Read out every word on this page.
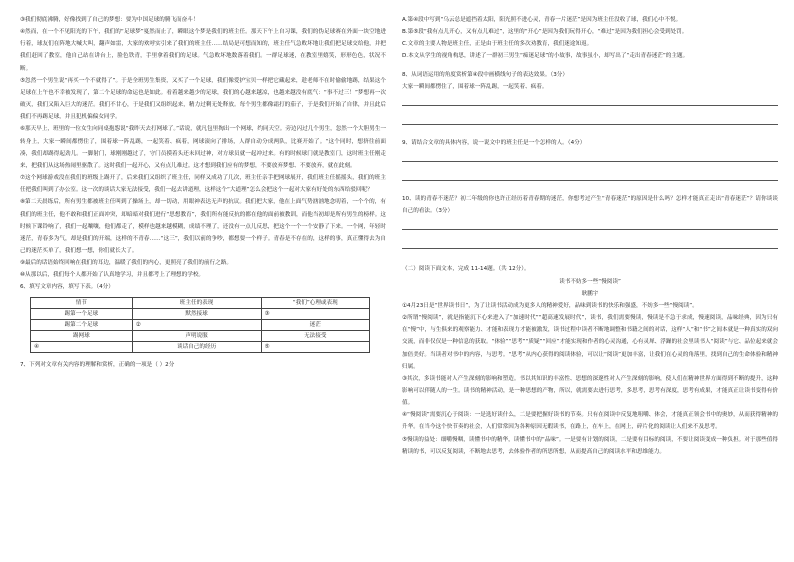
③我们彻底沸腾，好像找到了自己的梦想：要为中国足球的腾飞而奋斗！

④然而，在一个不见阳光的下午，我们的“足球梦”戛然而止了，瞬眼这个梦是我们的班主任。那天下午上自习课，我们的伪足球赛在外面一块空地进行着，球友们在阵地大喊大叫，翻声如雷，大家的欢呼实引来了我们的班主任……结局是可想而知的，班主任气急败坏地让我们把足球交给他，并把我们赶回了教室，他自己站在讲台上，脸色铁青，手里拿着我们的足球。气急败坏地数落着我们。一群足球迷，在教室里嬉笑，形形色色，状况不断。

⑤忽然一个男生说“再买一个不就得了”。于是全班男生集资，又买了一个足球，我们像爱护宝贝一样把它藏起来，趁老师不在时偷偷地踢，结果这个足球在上午也不幸被发现了，第二个足球的命运也是如此。看着越来越少的足球，我们的心越来越凉，也越来越没有底气：“事不过三！”梦想再一次破灭，我们又陷入巨大的迷茫。我们不甘心，于是我们又组织起来，精力过剩无处释放。每个男生都像霜打的茄子，于是我们开始了自律，并且此后我们不再踢足球，并且犯机偏偏女同学。

⑥那天早上，班里的一位女生向同桌抱怨说“我昨天去打网球了。”话说，就凡包里掏出一个网球，约同天空。旁边闪过几个男生，忽然一个大胆男生一转身上，大家一瞬间都愣住了，围着球一阵乱踢，一起笑着、疯着，网球滚向了排场，人群自动分成两队，比赛开始了。“这个同时，想挤往前面凑，我们却踢得起劲儿。一脚射门，球刚刚越过了，守门员摸着头还未回过神，对方球员就一起冲过来。有的时候球门就是教室门，这时班主任刚走来，把我们从这场热闹里驱散了。这时我们一起开心，又有点儿难过。这才想到我们应有的梦想，不要放弃梦想、不要放弃，就在此刻。

⑦这个网球游戏没在我们的班级上踢开了，后来我们又组织了班主任，同样又成功了几次，班主任亲手把网球展开，我们班主任摇摇头，我们的班主任把我们叫到了办公室。这一次的谈话大家无法接受，我们一起去讲道理，这样这个“大道理”怎么会把这个一起对大家有好处的东西给驳回呢？

⑧第二天晨练后，所有男生都被班主任叫到了操场上，却一切动，用眼神表达无声的抗议。我们把大家，他在上面气势汹汹地念叨着，一个个的，有我们的班主任，他不敢和我们正面冲突，却暗暗对我们进行“思想教育”，我们所有能反抗的都在他的面前被教训，而他当初却是所有男生的榜样。这时候下课铃响了，我们一起嚷嚷，他们都走了，模样也越来越模糊，成绩不理了，还没有一点儿反思，把这个一个一个安静了下来。一个网，年轻时迷茫，青春多为气，却是我们的开端，这样的不青春……“这三”，我们以前的争吵，都想要一个样子。青春是不存在的，这样的事，真正懂得去为自己的迷茫买单了，我们想一想，你们就长大了。

⑨最后的话语始终回响在我们的耳边，温暖了我们的内心，更照亮了我们的前行之路。

⑩从那以后，我们每个人都开始了认真地学习，并且都考上了理想的学校。

6、填写文章内容，填写下表。（4分）

情节	班主任的表现	“我们”心理或表现
踢第一个足球	默然接球	③
踢第二个足球	②	迷茫
踢网球	声明说服	无法接受
④	谈话自己的经历	⑤

7、下列对文章有关内容的理解和赏析，正确的一项是（ ）2分

A.第④段中写到“乌云总是遮挡着太阳，阳光照不进心灵，青春一片迷茫”是因为班主任没收了球，我们心中不悦。

B.第⑤段“我有点儿开心，又有点儿难过”，这里的“开心”是因为我们玩得开心，“难过”是因为我们担心会受到处罚。

C.文章的主要人物是班主任，正是由于班主任的多次劝教育，我们迷途知返。

D.本文从学生的视角构思，讲述了一群初三男生“痴迷足球”的小故事，故事虽小，却写出了“走出青春迷茫”的主题。

8、从词语运用的角度赏析第④段中画横线句子的表达效果。（3分）

大家一瞬间都愣住了，围着球一阵乱踢，一起笑着、疯着。

9、请结合文章的具体内容，说一说文中的班主任是一个怎样的人。（4分）

10、读的青春不迷茫？初二年级的你也许正经历着青春期的迷茫，你想考过产生“青春迷茫”的原因是什么吗？怎样才能真正走出“青春迷茫”？请你谈谈自己的看法。（3分）

（二）阅读下面文本，完成 11-14题。（共 12分）。

读书不妨多一些“慢阅读”

耿鹏宇

①4月23日是“世界读书日”，为了让读书活动成为更多人的精神爱好，品味到读书的快乐和强盛，不妨多一些“慢阅读”。

②所谓“慢阅读”，就是指能沉下心来进入了“加速时代”“超高速发展时代”，读书，我们需要慢读，慢读是不急于求成，慢速阅读，品味经典，因为只有在“慢”中，与生俱来的观察能力、才能和表现力才能被激发，读书过程中读者不断地调整和书籍之间的对话，这样“人”和“书”之间本就是一种真实的双向交流，而非仅仅是一种信息的获取。“体验”“思考”“质疑”“回应”才能实现和作者的心灵沟通，心有灵犀、浮躁的社会里读书人“阅读”与它、品位起来就会加倍美好。当读者对书中的内容，与思考。“思考”从内心获得的阅读体验，可以让“阅读”更加丰富，让我们在心灵的角落里，找到自己的生命体验和精神归属。

③其次，多读书能对人产生深刻的影响和塑造。书以其知识的丰富性、思想的深邃性对人产生深刻的影响，使人们在精神世界方面得到不断的提升，这种影响可以伴随人的一生。读书的精神活动，是一种思想的产物，所以，就需要去进行思考，多思考，思考有深度，思考有成果，才能真正让读书变得有价值。

④“慢阅读”需要沉心于阅读：一是选好读什么，二是要把握好读书的节奏。只有在阅读中反复地咀嚼、体会，才能真正领会书中的奥妙，从而获得精神的升华。在当今这个快节奏的社会，人们常常因为各种原因无暇读书，在路上，在车上，在网上，碎片化的阅读让人们来不及思考。

⑤慢读的益处：细嚼慢咽，读懂书中的精华，读懂书中的“品味”。一是要有计划的阅读，二是要有目标的阅读，不要让阅读变成一种负担。对于那些值得精读的书，可以反复阅读，不断地去思考，去体验作者的所思所想，从而提高自己的阅读水平和思维能力。
